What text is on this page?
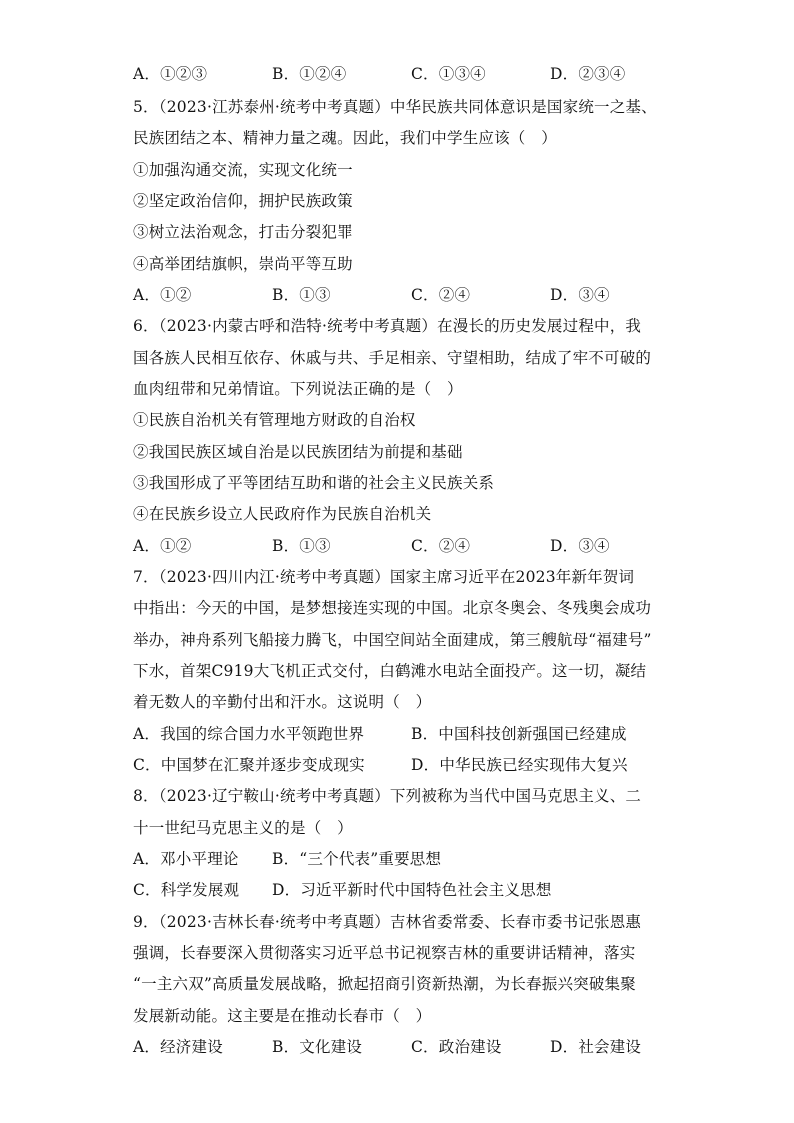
A．①②③	B．①②④	C．①③④	D．②③④
5．（2023·江苏泰州·统考中考真题）中华民族共同体意识是国家统一之基、
民族团结之本、精神力量之魂。因此，我们中学生应该（　）
①加强沟通交流，实现文化统一
②坚定政治信仰，拥护民族政策
③树立法治观念，打击分裂犯罪
④高举团结旗帜，崇尚平等互助
A．①②	B．①③	C．②④	D．③④
6．（2023·内蒙古呼和浩特·统考中考真题）在漫长的历史发展过程中，我
国各族人民相互依存、休戚与共、手足相亲、守望相助，结成了牢不可破的
血肉纽带和兄弟情谊。下列说法正确的是（　）
①民族自治机关有管理地方财政的自治权
②我国民族区域自治是以民族团结为前提和基础
③我国形成了平等团结互助和谐的社会主义民族关系
④在民族乡设立人民政府作为民族自治机关
A．①②	B．①③	C．②④	D．③④
7．（2023·四川内江·统考中考真题）国家主席习近平在2023年新年贺词
中指出：今天的中国，是梦想接连实现的中国。北京冬奥会、冬残奥会成功
举办，神舟系列飞船接力腾飞，中国空间站全面建成，第三艘航母“福建号”
下水，首架C919大飞机正式交付，白鹤滩水电站全面投产。这一切，凝结
着无数人的辛勤付出和汗水。这说明（　）
A．我国的综合国力水平领跑世界	B．中国科技创新强国已经建成
C．中国梦在汇聚并逐步变成现实	D．中华民族已经实现伟大复兴
8．（2023·辽宁鞍山·统考中考真题）下列被称为当代中国马克思主义、二
十一世纪马克思主义的是（　）
A．邓小平理论 B．“三个代表”重要思想
C．科学发展观 D．习近平新时代中国特色社会主义思想
9．（2023·吉林长春·统考中考真题）吉林省委常委、长春市委书记张恩惠
强调，长春要深入贯彻落实习近平总书记视察吉林的重要讲话精神，落实
“一主六双”高质量发展战略，掀起招商引资新热潮，为长春振兴突破集聚
发展新动能。这主要是在推动长春市（　）
A．经济建设	B．文化建设	C．政治建设	D．社会建设
